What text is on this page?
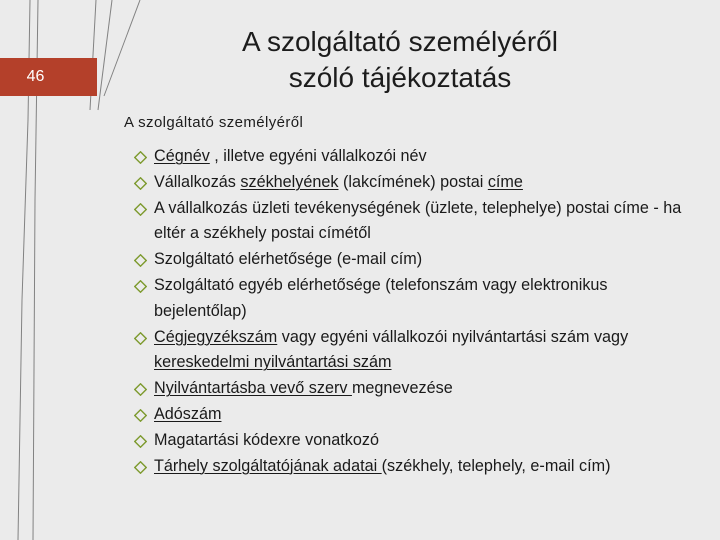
46
A szolgáltató személyéről
szóló tájékoztatás
A szolgáltató személyéről
Cégnév , illetve egyéni vállalkozói név
Vállalkozás székhelyének (lakcímének) postai címe
A vállalkozás üzleti tevékenységének (üzlete, telephelye) postai címe - ha eltér a székhely postai címétől
Szolgáltató elérhetősége (e-mail cím)
Szolgáltató egyéb elérhetősége (telefonszám vagy elektronikus bejelentőlap)
Cégjegyzékszám vagy egyéni vállalkozói nyilvántartási szám vagy kereskedelmi nyilvántartási szám
Nyilvántartásba vevő szerv megnevezése
Adószám
Magatartási kódexre vonatkozó
Tárhely szolgáltatójának adatai (székhely, telephely, e-mail cím)
